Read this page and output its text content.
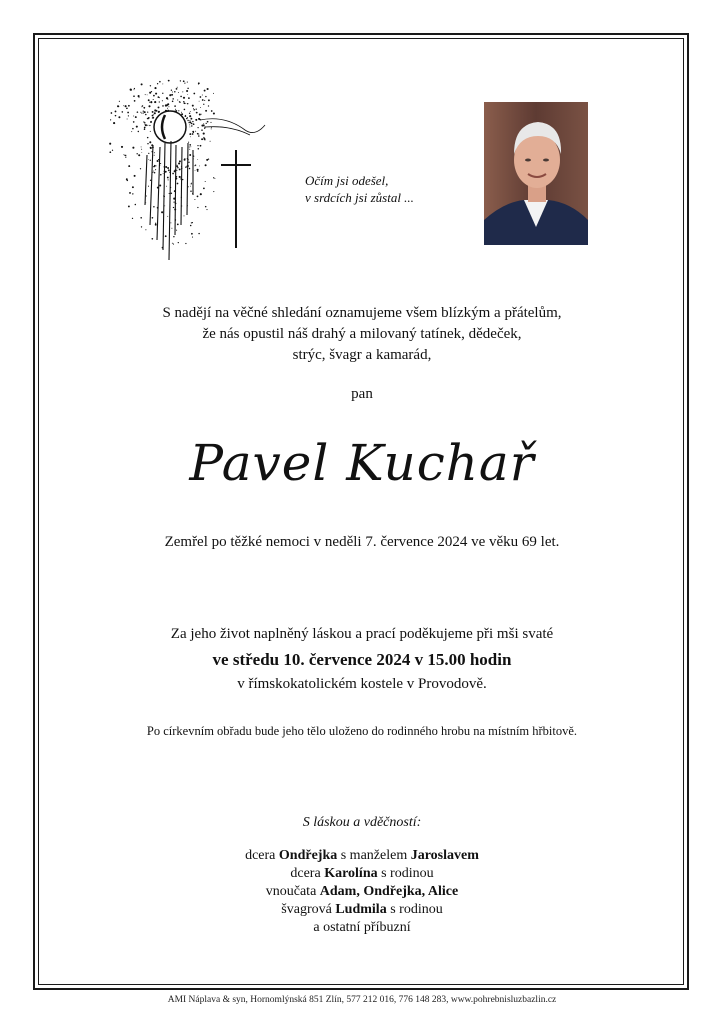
Očím jsi odešel,
v srdcích jsi zůstal ...
S nadějí na věčné shledání oznamujeme všem blízkým a přátelům,
že nás opustil náš drahý a milovaný tatínek, dědeček,
strýc, švagr a kamarád,
pan
Pavel Kuchař
Zemřel po těžké nemoci v neděli 7. července 2024 ve věku 69 let.
Za jeho život naplněný láskou a prací poděkujeme při mši svaté
ve středu 10. července 2024 v 15.00 hodin
v římskokatolickém kostele v Provodově.
Po církevním obřadu bude jeho tělo uloženo do rodinného hrobu na místním hřbitově.
S láskou a vděčností:
dcera Ondřejka s manželem Jaroslavem
dcera Karolína s rodinou
vnoučata Adam, Ondřejka, Alice
švagrová Ludmila s rodinou
a ostatní příbuzní
AMI Náplava & syn, Hornomlýnská 851 Zlín, 577 212 016, 776 148 283, www.pohrebnisluzbazlin.cz
